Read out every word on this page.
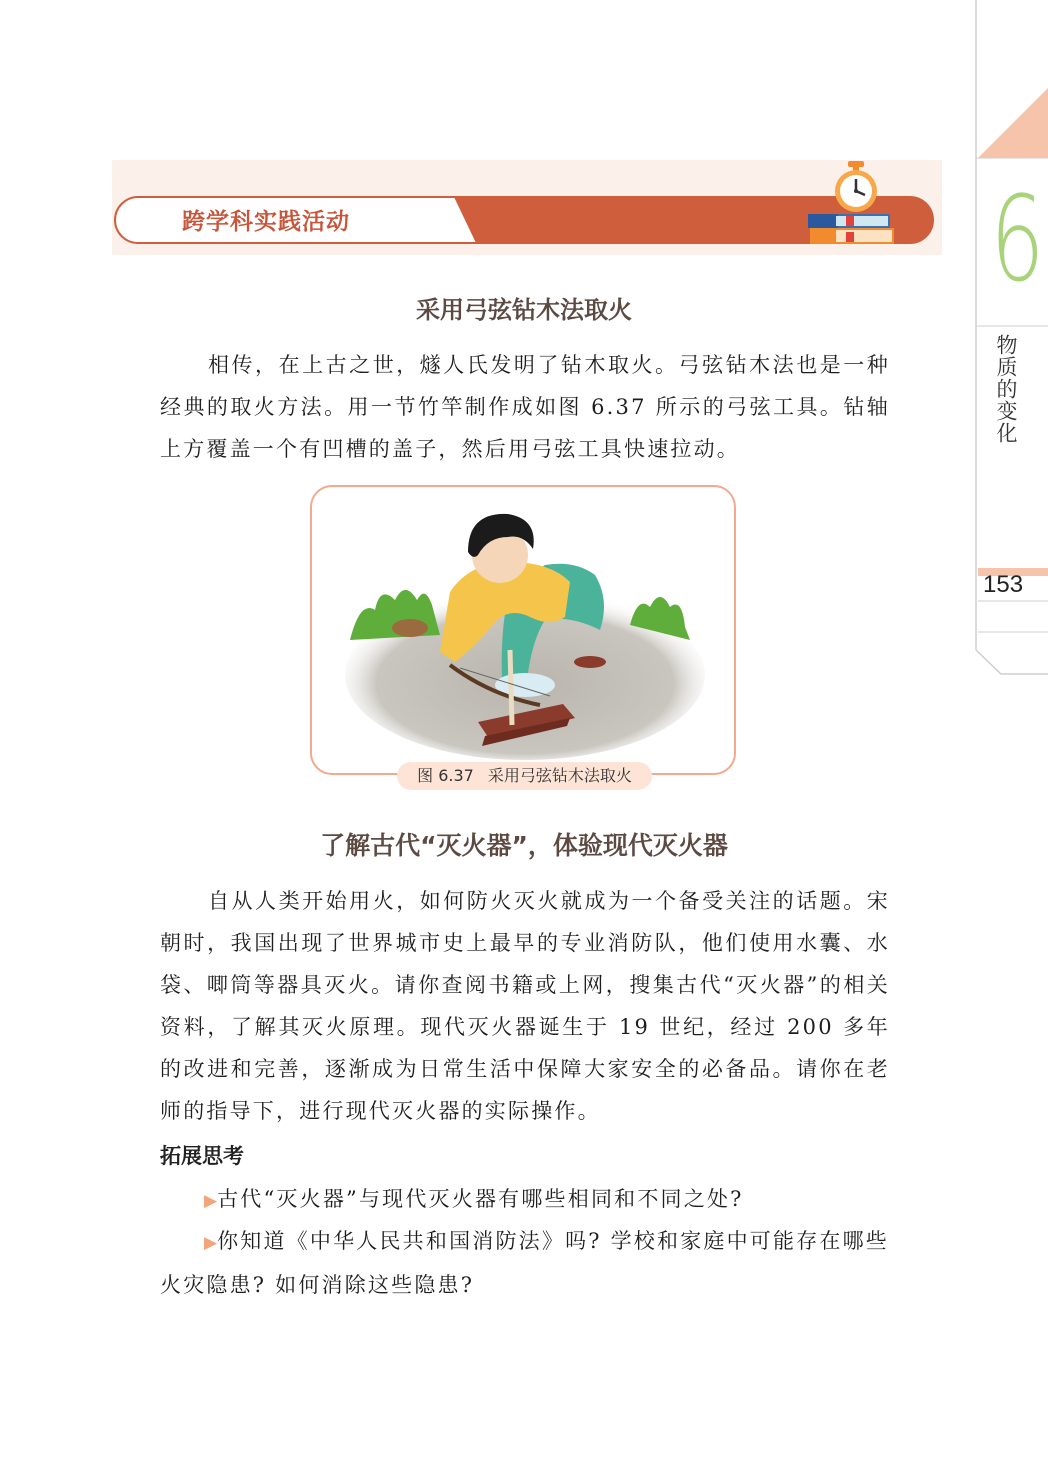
6
物质的变化
153
跨学科实践活动
采用弓弦钻木法取火

相传，在上古之世，燧人氏发明了钻木取火。弓弦钻木法也是一种经典的取火方法。用一节竹竿制作成如图 6.37 所示的弓弦工具。钻轴上方覆盖一个有凹槽的盖子，然后用弓弦工具快速拉动。

图 6.37 采用弓弦钻木法取火
了解古代“灭火器”，体验现代灭火器

自从人类开始用火，如何防火灭火就成为一个备受关注的话题。宋朝时，我国出现了世界城市史上最早的专业消防队，他们使用水囊、水袋、唧筒等器具灭火。请你查阅书籍或上网，搜集古代“灭火器”的相关资料，了解其灭火原理。现代灭火器诞生于 19 世纪，经过 200 多年的改进和完善，逐渐成为日常生活中保障大家安全的必备品。请你在老师的指导下，进行现代灭火器的实际操作。

拓展思考

▶古代“灭火器”与现代灭火器有哪些相同和不同之处?

▶你知道《中华人民共和国消防法》吗? 学校和家庭中可能存在哪些火灾隐患? 如何消除这些隐患?
